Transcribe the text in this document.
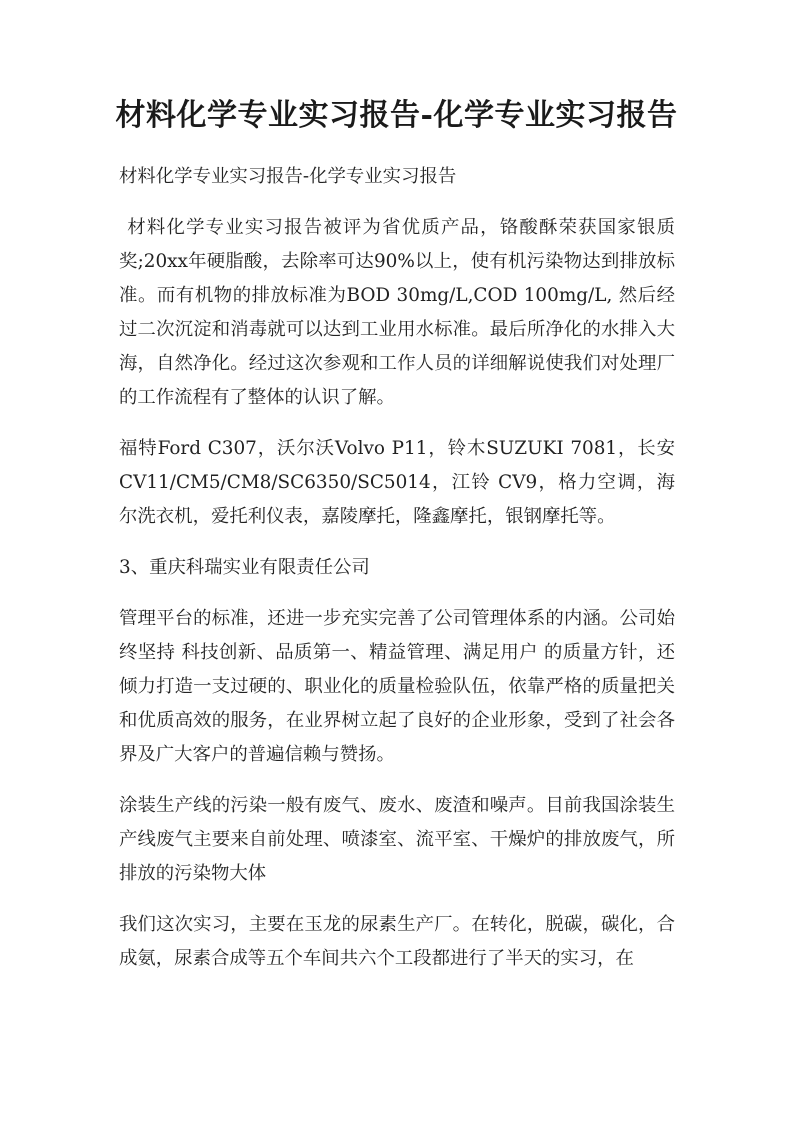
材料化学专业实习报告-化学专业实习报告

材料化学专业实习报告-化学专业实习报告

材料化学专业实习报告被评为省优质产品，铬酸酥荣获国家银质奖;20xx年硬脂酸，去除率可达90%以上，使有机污染物达到排放标准。而有机物的排放标准为BOD 30mg/L,COD 100mg/L, 然后经过二次沉淀和消毒就可以达到工业用水标准。最后所净化的水排入大海，自然净化。经过这次参观和工作人员的详细解说使我们对处理厂的工作流程有了整体的认识了解。

福特Ford C307，沃尔沃Volvo P11，铃木SUZUKI 7081，长安CV11/CM5/CM8/SC6350/SC5014，江铃 CV9，格力空调，海尔洗衣机，爱托利仪表，嘉陵摩托，隆鑫摩托，银钢摩托等。

3、重庆科瑞实业有限责任公司

管理平台的标准，还进一步充实完善了公司管理体系的内涵。公司始终坚持 科技创新、品质第一、精益管理、满足用户 的质量方针，还倾力打造一支过硬的、职业化的质量检验队伍，依靠严格的质量把关和优质高效的服务，在业界树立起了良好的企业形象，受到了社会各界及广大客户的普遍信赖与赞扬。

涂装生产线的污染一般有废气、废水、废渣和噪声。目前我国涂装生产线废气主要来自前处理、喷漆室、流平室、干燥炉的排放废气，所排放的污染物大体

我们这次实习，主要在玉龙的尿素生产厂。在转化，脱碳，碳化，合成氨，尿素合成等五个车间共六个工段都进行了半天的实习，在
